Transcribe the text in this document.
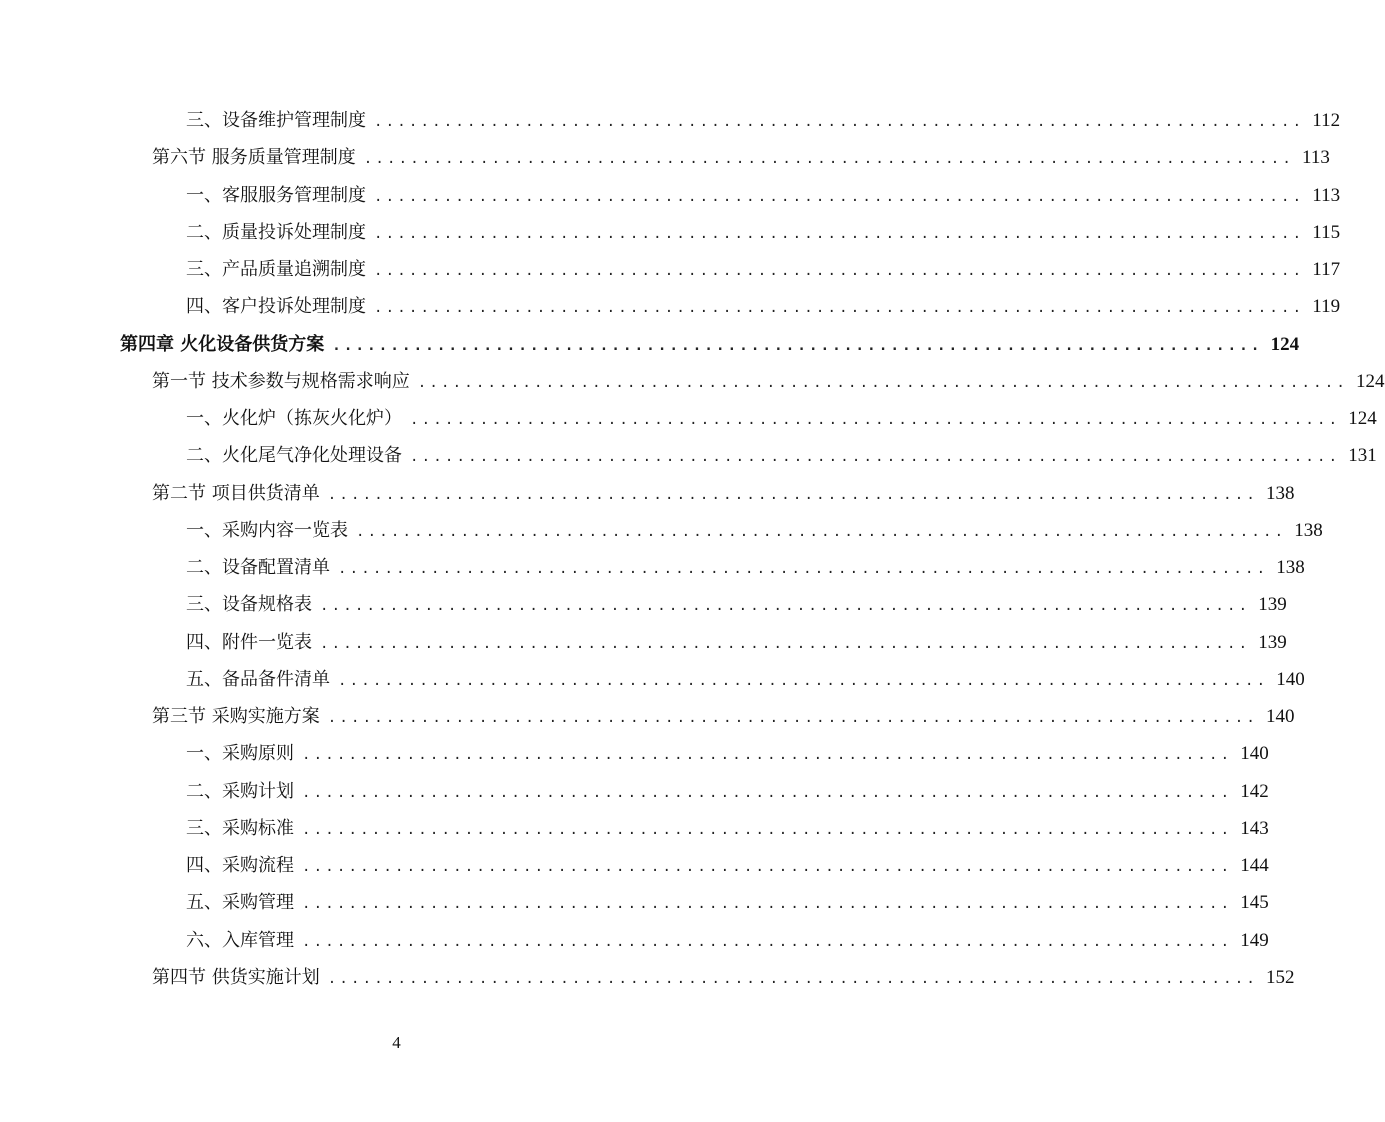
三、设备维护管理制度 ................................................................................ 112
第六节 服务质量管理制度 ................................................................................ 113
一、客服服务管理制度 ................................................................................ 113
二、质量投诉处理制度 ................................................................................ 115
三、产品质量追溯制度 ................................................................................ 117
四、客户投诉处理制度 ................................................................................ 119
第四章 火化设备供货方案 ................................................................................ 124
第一节 技术参数与规格需求响应 ................................................................................ 124
一、火化炉（拣灰火化炉） ................................................................................ 124
二、火化尾气净化处理设备 ................................................................................ 131
第二节 项目供货清单 ................................................................................ 138
一、采购内容一览表 ................................................................................ 138
二、设备配置清单 ................................................................................ 138
三、设备规格表 ................................................................................ 139
四、附件一览表 ................................................................................ 139
五、备品备件清单 ................................................................................ 140
第三节 采购实施方案 ................................................................................ 140
一、采购原则 ................................................................................ 140
二、采购计划 ................................................................................ 142
三、采购标准 ................................................................................ 143
四、采购流程 ................................................................................ 144
五、采购管理 ................................................................................ 145
六、入库管理 ................................................................................ 149
第四节 供货实施计划 ................................................................................ 152
4
